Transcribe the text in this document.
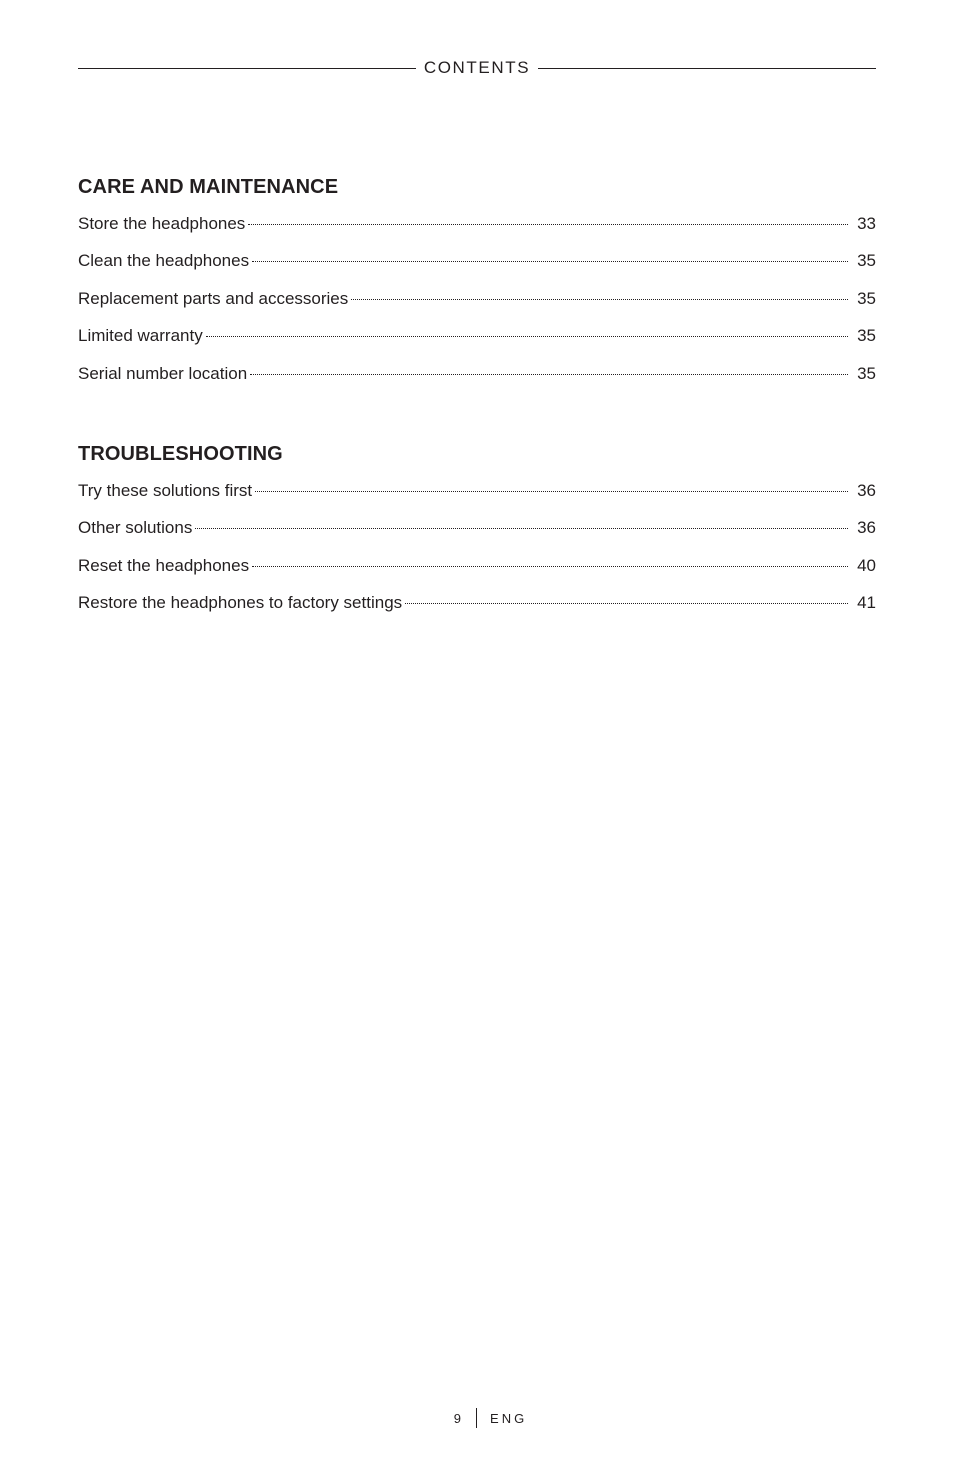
CONTENTS
CARE AND MAINTENANCE
Store the headphones	33
Clean the headphones	35
Replacement parts and accessories	35
Limited warranty	35
Serial number location	35
TROUBLESHOOTING
Try these solutions first	36
Other solutions	36
Reset the headphones	40
Restore the headphones to factory settings	41
9 ENG
